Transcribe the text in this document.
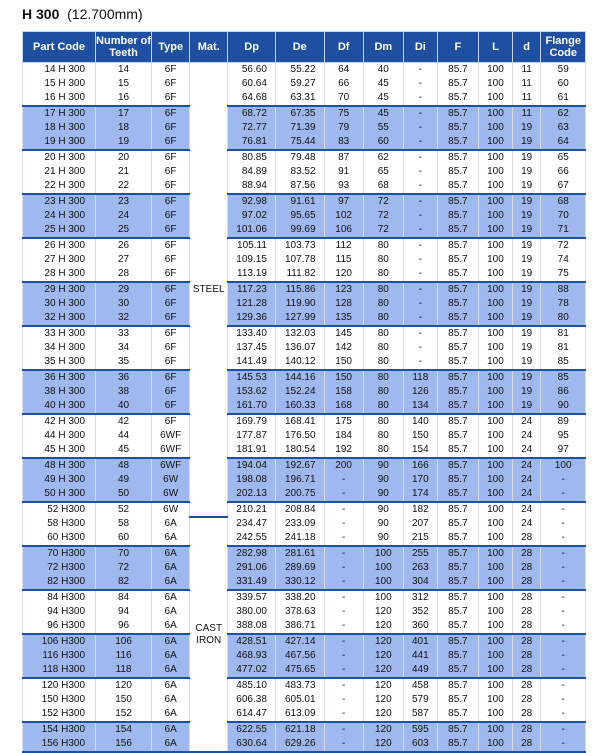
H 300 (12.700mm)
Part Code	Number of Teeth	Type	Mat.	Dp	De	Df	Dm	Di	F	L	d	Flange Code
14 H 300	14	6F	STEEL	56.60	55.22	64	40	-	85.7	100	11	59
15 H 300	15	6F		60.64	59.27	66	45	-	85.7	100	11	60
16 H 300	16	6F		64.68	63.31	70	45	-	85.7	100	11	61
17 H 300	17	6F		68.72	67.35	75	45	-	85.7	100	11	62
18 H 300	18	6F		72.77	71.39	79	55	-	85.7	100	19	63
19 H 300	19	6F		76.81	75.44	83	60	-	85.7	100	19	64
20 H 300	20	6F		80.85	79.48	87	62	-	85.7	100	19	65
21 H 300	21	6F		84.89	83.52	91	65	-	85.7	100	19	66
22 H 300	22	6F		88.94	87.56	93	68	-	85.7	100	19	67
23 H 300	23	6F		92.98	91.61	97	72	-	85.7	100	19	68
24 H 300	24	6F		97.02	95.65	102	72	-	85.7	100	19	70
25 H 300	25	6F		101.06	99.69	106	72	-	85.7	100	19	71
26 H 300	26	6F		105.11	103.73	112	80	-	85.7	100	19	72
27 H 300	27	6F		109.15	107.78	115	80	-	85.7	100	19	74
28 H 300	28	6F		113.19	111.82	120	80	-	85.7	100	19	75
29 H 300	29	6F		117.23	115.86	123	80	-	85.7	100	19	88
30 H 300	30	6F		121.28	119.90	128	80	-	85.7	100	19	78
32 H 300	32	6F		129.36	127.99	135	80	-	85.7	100	19	80
33 H 300	33	6F		133.40	132.03	145	80	-	85.7	100	19	81
34 H 300	34	6F		137.45	136.07	142	80	-	85.7	100	19	81
35 H 300	35	6F		141.49	140.12	150	80	-	85.7	100	19	85
36 H 300	36	6F		145.53	144.16	150	80	118	85.7	100	19	85
38 H 300	38	6F		153.62	152.24	158	80	126	85.7	100	19	86
40 H 300	40	6F		161.70	160.33	168	80	134	85.7	100	19	90
42 H 300	42	6F		169.79	168.41	175	80	140	85.7	100	24	89
44 H 300	44	6WF		177.87	176.50	184	80	150	85.7	100	24	95
45 H 300	45	6WF		181.91	180.54	192	80	154	85.7	100	24	97
48 H 300	48	6WF		194.04	192.67	200	90	166	85.7	100	24	100
49 H 300	49	6W		198.08	196.71	-	90	170	85.7	100	24	-
50 H 300	50	6W		202.13	200.75	-	90	174	85.7	100	24	-
52 H300	52	6W		210.21	208.84	-	90	182	85.7	100	24	-
58 H300	58	6A	CAST IRON	234.47	233.09	-	90	207	85.7	100	24	-
60 H300	60	6A		242.55	241.18	-	90	215	85.7	100	28	-
70 H300	70	6A		282.98	281.61	-	100	255	85.7	100	28	-
72 H300	72	6A		291.06	289.69	-	100	263	85.7	100	28	-
82 H300	82	6A		331.49	330.12	-	100	304	85.7	100	28	-
84 H300	84	6A		339.57	338.20	-	100	312	85.7	100	28	-
94 H300	94	6A		380.00	378.63	-	120	352	85.7	100	28	-
96 H300	96	6A		388.08	386.71	-	120	360	85.7	100	28	-
106 H300	106	6A		428.51	427.14	-	120	401	85.7	100	28	-
116 H300	116	6A		468.93	467.56	-	120	441	85.7	100	28	-
118 H300	118	6A		477.02	475.65	-	120	449	85.7	100	28	-
120 H300	120	6A		485.10	483.73	-	120	458	85.7	100	28	-
150 H300	150	6A		606.38	605.01	-	120	579	85.7	100	28	-
152 H300	152	6A		614.47	613.09	-	120	587	85.7	100	28	-
154 H300	154	6A		622.55	621.18	-	120	595	85.7	100	28	-
156 H300	156	6A		630.64	629.26	-	120	603	85.7	100	28	-
